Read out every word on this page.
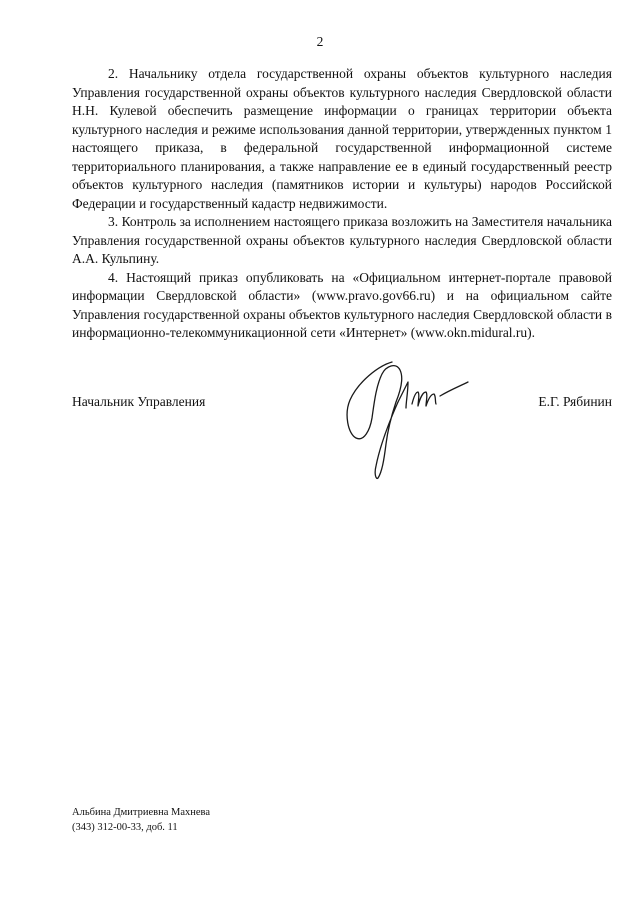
2

2. Начальнику отдела государственной охраны объектов культурного наследия Управления государственной охраны объектов культурного наследия Свердловской области Н.Н. Кулевой обеспечить размещение информации о границах территории объекта культурного наследия и режиме использования данной территории, утвержденных пунктом 1 настоящего приказа, в федеральной государственной информационной системе территориального планирования, а также направление ее в единый государственный реестр объектов культурного наследия (памятников истории и культуры) народов Российской Федерации и государственный кадастр недвижимости.

3. Контроль за исполнением настоящего приказа возложить на Заместителя начальника Управления государственной охраны объектов культурного наследия Свердловской области А.А. Кульпину.

4. Настоящий приказ опубликовать на «Официальном интернет-портале правовой информации Свердловской области» (www.pravo.gov66.ru) и на официальном сайте Управления государственной охраны объектов культурного наследия Свердловской области в информационно-телекоммуникационной сети «Интернет» (www.okn.midural.ru).

Начальник Управления	Е.Г. Рябинин
Альбина Дмитриевна Махнева
(343) 312-00-33, доб. 11
